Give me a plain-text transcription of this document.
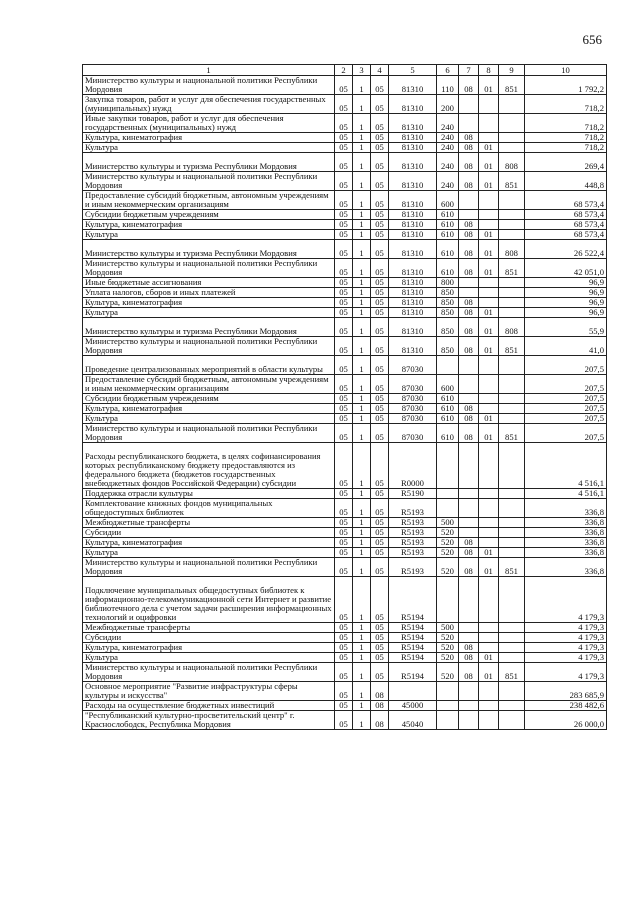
656
1	2	3	4	5	6	7	8	9	10
Министерство культуры и национальной политики Республики Мордовия	05	1	05	81310	110	08	01	851	1 792,2
Закупка товаров, работ и услуг для обеспечения государственных (муниципальных) нужд	05	1	05	81310	200				718,2
Иные закупки товаров, работ и услуг для обеспечения государственных (муниципальных) нужд	05	1	05	81310	240				718,2
Культура, кинематография	05	1	05	81310	240	08			718,2
Культура	05	1	05	81310	240	08	01		718,2
Министерство культуры и туризма Республики Мордовия	05	1	05	81310	240	08	01	808	269,4
Министерство культуры и национальной политики Республики Мордовия	05	1	05	81310	240	08	01	851	448,8
Предоставление субсидий бюджетным, автономным учреждениям и иным некоммерческим организациям	05	1	05	81310	600				68 573,4
Субсидии бюджетным учреждениям	05	1	05	81310	610				68 573,4
Культура, кинематография	05	1	05	81310	610	08			68 573,4
Культура	05	1	05	81310	610	08	01		68 573,4
Министерство культуры и туризма Республики Мордовия	05	1	05	81310	610	08	01	808	26 522,4
Министерство культуры и национальной политики Республики Мордовия	05	1	05	81310	610	08	01	851	42 051,0
Иные бюджетные ассигнования	05	1	05	81310	800				96,9
Уплата налогов, сборов и иных платежей	05	1	05	81310	850				96,9
Культура, кинематография	05	1	05	81310	850	08			96,9
Культура	05	1	05	81310	850	08	01		96,9
Министерство культуры и туризма Республики Мордовия	05	1	05	81310	850	08	01	808	55,9
Министерство культуры и национальной политики Республики Мордовия	05	1	05	81310	850	08	01	851	41,0
Проведение централизованных мероприятий в области культуры	05	1	05	87030					207,5
Предоставление субсидий бюджетным, автономным учреждениям и иным некоммерческим организациям	05	1	05	87030	600				207,5
Субсидии бюджетным учреждениям	05	1	05	87030	610				207,5
Культура, кинематография	05	1	05	87030	610	08			207,5
Культура	05	1	05	87030	610	08	01		207,5
Министерство культуры и национальной политики Республики Мордовия	05	1	05	87030	610	08	01	851	207,5
Расходы республиканского бюджета, в целях софинансирования которых республиканскому бюджету предоставляются из федерального бюджета (бюджетов государственных внебюджетных фондов Российской Федерации) субсидии	05	1	05	R0000					4 516,1
Поддержка отрасли культуры	05	1	05	R5190					4 516,1
Комплектование книжных фондов муниципальных общедоступных библиотек	05	1	05	R5193					336,8
Межбюджетные трансферты	05	1	05	R5193	500				336,8
Субсидии	05	1	05	R5193	520				336,8
Культура, кинематография	05	1	05	R5193	520	08			336,8
Культура	05	1	05	R5193	520	08	01		336,8
Министерство культуры и национальной политики Республики Мордовия	05	1	05	R5193	520	08	01	851	336,8
Подключение муниципальных общедоступных библиотек к информационно-телекоммуникационной сети Интернет и развитие библиотечного дела с учетом задачи расширения информационных технологий и оцифровки	05	1	05	R5194					4 179,3
Межбюджетные трансферты	05	1	05	R5194	500				4 179,3
Субсидии	05	1	05	R5194	520				4 179,3
Культура, кинематография	05	1	05	R5194	520	08			4 179,3
Культура	05	1	05	R5194	520	08	01		4 179,3
Министерство культуры и национальной политики Республики Мордовия	05	1	05	R5194	520	08	01	851	4 179,3
Основное мероприятие "Развитие инфраструктуры сферы культуры и искусства"	05	1	08						283 685,9
Расходы на осуществление бюджетных инвестиций	05	1	08	45000					238 482,6
"Республиканский культурно-просветительский центр" г. Краснослободск, Республика Мордовия	05	1	08	45040					26 000,0
